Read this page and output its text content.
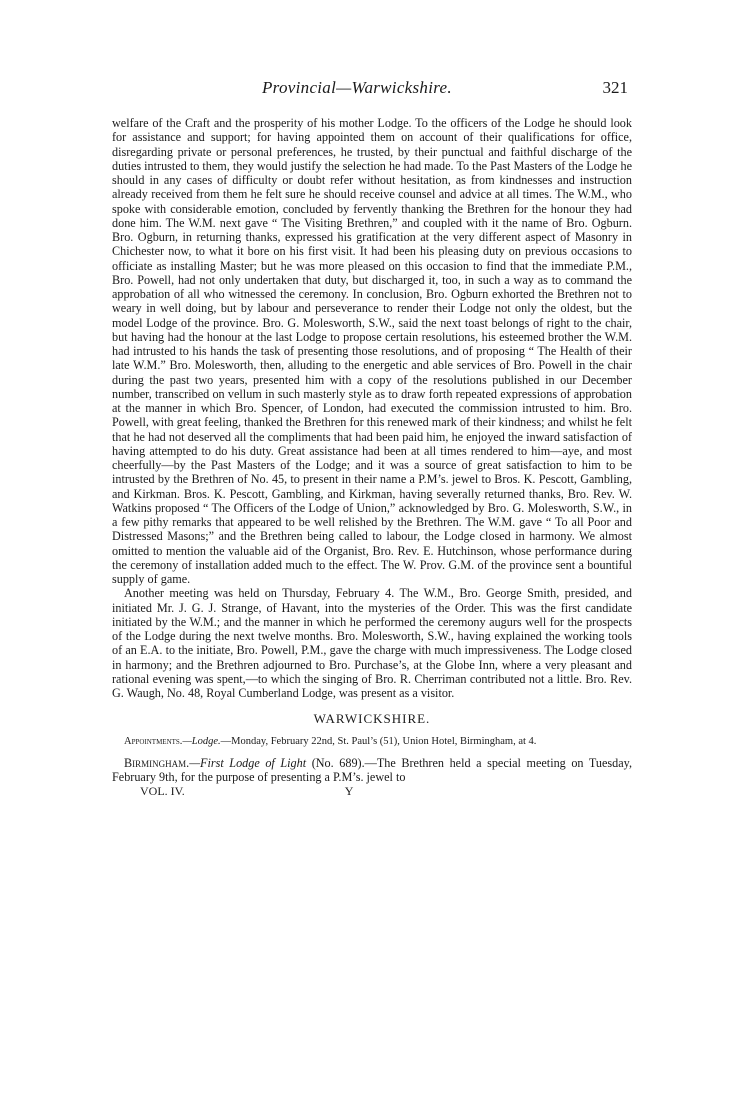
Provincial—Warwickshire.	321

welfare of the Craft and the prosperity of his mother Lodge. To the officers of the Lodge he should look for assistance and support; for having appointed them on account of their qualifications for office, disregarding private or personal preferences, he trusted, by their punctual and faithful discharge of the duties intrusted to them, they would justify the selection he had made. To the Past Masters of the Lodge he should in any cases of difficulty or doubt refer without hesitation, as from kindnesses and instruction already received from them he felt sure he should receive counsel and advice at all times. The W.M., who spoke with considerable emotion, concluded by fervently thanking the Brethren for the honour they had done him. The W.M. next gave “ The Visiting Brethren,” and coupled with it the name of Bro. Ogburn. Bro. Ogburn, in returning thanks, expressed his gratification at the very different aspect of Masonry in Chichester now, to what it bore on his first visit. It had been his pleasing duty on previous occasions to officiate as installing Master; but he was more pleased on this occasion to find that the immediate P.M., Bro. Powell, had not only undertaken that duty, but discharged it, too, in such a way as to command the approbation of all who witnessed the ceremony. In conclusion, Bro. Ogburn exhorted the Brethren not to weary in well doing, but by labour and perseverance to render their Lodge not only the oldest, but the model Lodge of the province. Bro. G. Molesworth, S.W., said the next toast belongs of right to the chair, but having had the honour at the last Lodge to propose certain resolutions, his esteemed brother the W.M. had intrusted to his hands the task of presenting those resolutions, and of proposing “ The Health of their late W.M.” Bro. Molesworth, then, alluding to the energetic and able services of Bro. Powell in the chair during the past two years, presented him with a copy of the resolutions published in our December number, transcribed on vellum in such masterly style as to draw forth repeated expressions of approbation at the manner in which Bro. Spencer, of London, had executed the commission intrusted to him. Bro. Powell, with great feeling, thanked the Brethren for this renewed mark of their kindness; and whilst he felt that he had not deserved all the compliments that had been paid him, he enjoyed the inward satisfaction of having attempted to do his duty. Great assistance had been at all times rendered to him—aye, and most cheerfully—by the Past Masters of the Lodge; and it was a source of great satisfaction to him to be intrusted by the Brethren of No. 45, to present in their name a P.M’s. jewel to Bros. K. Pescott, Gambling, and Kirkman. Bros. K. Pescott, Gambling, and Kirkman, having severally returned thanks, Bro. Rev. W. Watkins proposed “ The Officers of the Lodge of Union,” acknowledged by Bro. G. Molesworth, S.W., in a few pithy remarks that appeared to be well relished by the Brethren. The W.M. gave “ To all Poor and Distressed Masons;” and the Brethren being called to labour, the Lodge closed in harmony. We almost omitted to mention the valuable aid of the Organist, Bro. Rev. E. Hutchinson, whose performance during the ceremony of installation added much to the effect. The W. Prov. G.M. of the province sent a bountiful supply of game.

Another meeting was held on Thursday, February 4. The W.M., Bro. George Smith, presided, and initiated Mr. J. G. J. Strange, of Havant, into the mysteries of the Order. This was the first candidate initiated by the W.M.; and the manner in which he performed the ceremony augurs well for the prospects of the Lodge during the next twelve months. Bro. Molesworth, S.W., having explained the working tools of an E.A. to the initiate, Bro. Powell, P.M., gave the charge with much impressiveness. The Lodge closed in harmony; and the Brethren adjourned to Bro. Purchase’s, at the Globe Inn, where a very pleasant and rational evening was spent,—to which the singing of Bro. R. Cherriman contributed not a little. Bro. Rev. G. Waugh, No. 48, Royal Cumberland Lodge, was present as a visitor.

WARWICKSHIRE.

Appointments.—Lodge.—Monday, February 22nd, St. Paul’s (51), Union Hotel, Birmingham, at 4.

Birmingham.—First Lodge of Light (No. 689).—The Brethren held a special meeting on Tuesday, February 9th, for the purpose of presenting a P.M’s. jewel to

VOL. IV.	Y
